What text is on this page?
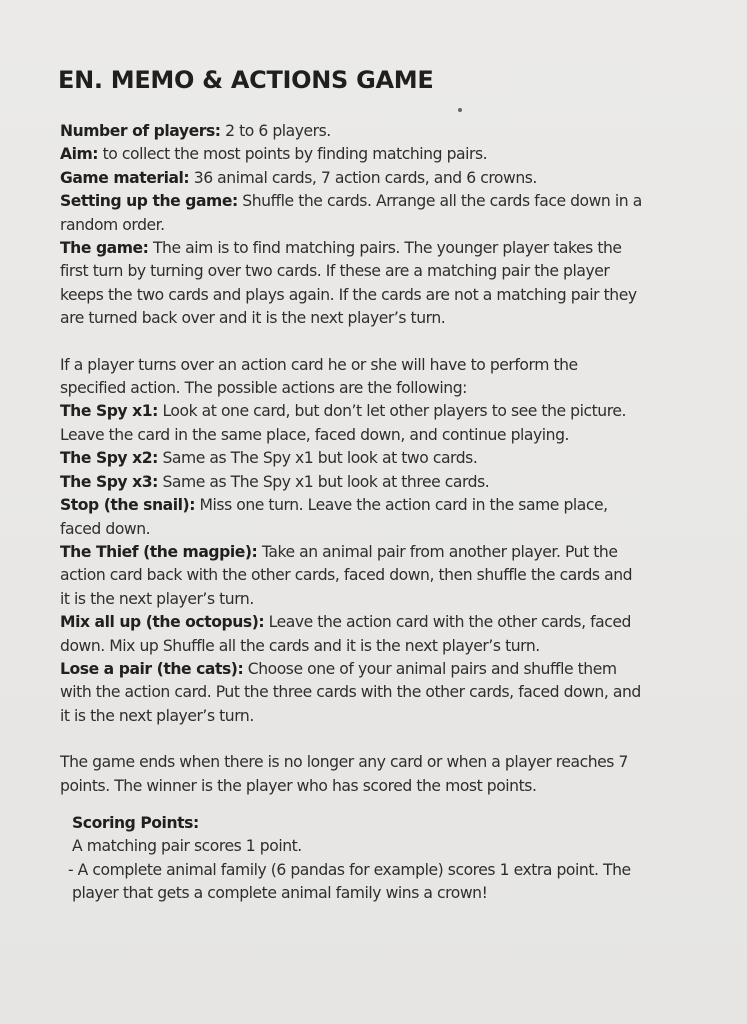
EN. MEMO & ACTIONS GAME
Number of players: 2 to 6 players.
Aim: to collect the most points by finding matching pairs.
Game material: 36 animal cards, 7 action cards, and 6 crowns.
Setting up the game: Shuffle the cards. Arrange all the cards face down in a
random order.
The game: The aim is to find matching pairs. The younger player takes the
first turn by turning over two cards. If these are a matching pair the player
keeps the two cards and plays again. If the cards are not a matching pair they
are turned back over and it is the next player’s turn.
If a player turns over an action card he or she will have to perform the
specified action. The possible actions are the following:
The Spy x1: Look at one card, but don’t let other players to see the picture.
Leave the card in the same place, faced down, and continue playing.
The Spy x2: Same as The Spy x1 but look at two cards.
The Spy x3: Same as The Spy x1 but look at three cards.
Stop (the snail): Miss one turn. Leave the action card in the same place,
faced down.
The Thief (the magpie): Take an animal pair from another player. Put the
action card back with the other cards, faced down, then shuffle the cards and
it is the next player’s turn.
Mix all up (the octopus): Leave the action card with the other cards, faced
down. Mix up Shuffle all the cards and it is the next player’s turn.
Lose a pair (the cats): Choose one of your animal pairs and shuffle them
with the action card. Put the three cards with the other cards, faced down, and
it is the next player’s turn.
The game ends when there is no longer any card or when a player reaches 7
points. The winner is the player who has scored the most points.
Scoring Points:
A matching pair scores 1 point.
- A complete animal family (6 pandas for example) scores 1 extra point. The
player that gets a complete animal family wins a crown!
